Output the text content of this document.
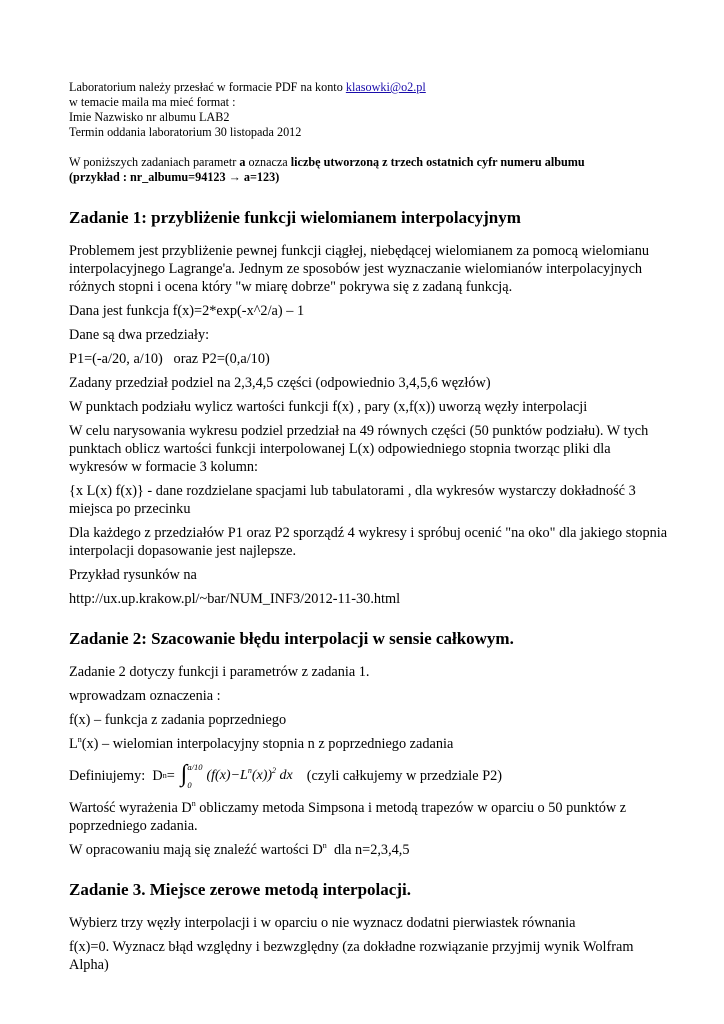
Laboratorium należy przesłać w formacie PDF na konto klasowki@o2.pl

w temacie maila ma mieć format :

Imie Nazwisko nr albumu LAB2

Termin oddania laboratorium 30 listopada 2012

W poniższych zadaniach parametr a oznacza liczbę utworzoną z trzech ostatnich cyfr numeru albumu

(przykład : nr_albumu=94123 → a=123)

Zadanie 1: przybliżenie funkcji wielomianem interpolacyjnym

Problemem jest przybliżenie pewnej funkcji ciągłej, niebędącej wielomianem za pomocą wielomianu interpolacyjnego Lagrange'a. Jednym ze sposobów jest wyznaczanie wielomianów interpolacyjnych różnych stopni i ocena który "w miarę dobrze" pokrywa się z zadaną funkcją.

Dana jest funkcja f(x)=2*exp(-x^2/a) – 1

Dane są dwa przedziały:

P1=(-a/20, a/10)   oraz P2=(0,a/10)

Zadany przedział podziel na 2,3,4,5 części (odpowiednio 3,4,5,6 węzłów)

W punktach podziału wylicz wartości funkcji f(x) , pary (x,f(x)) uworzą węzły interpolacji

W celu narysowania wykresu podziel przedział na 49 równych części (50 punktów podziału). W tych punktach oblicz wartości funkcji interpolowanej L(x) odpowiedniego stopnia tworząc pliki dla wykresów w formacie 3 kolumn:

{x L(x) f(x)} - dane rozdzielane spacjami lub tabulatorami , dla wykresów wystarczy dokładność 3 miejsca po przecinku

Dla każdego z przedziałów P1 oraz P2 sporządź 4 wykresy i spróbuj ocenić "na oko" dla jakiego stopnia interpolacji dopasowanie jest najlepsze.

Przykład rysunków na

http://ux.up.krakow.pl/~bar/NUM_INF3/2012-11-30.html

Zadanie 2: Szacowanie błędu interpolacji w sensie całkowym.

Zadanie 2 dotyczy funkcji i parametrów z zadania 1.

wprowadzam oznaczenia :

f(x) – funkcja z zadania poprzedniego

$L^n(x)$ – wielomian interpolacyjny stopnia n z poprzedniego zadania

Definiujemy:  D n = ∫ a/10
0
$(f(x)-L^n(x))^2$ dx (czyli całkujemy w przedziale P2)

Wartość wyrażenia $D^n$ obliczamy metoda Simpsona i metodą trapezów w oparciu o 50 punktów z poprzedniego zadania.

W opracowaniu mają się znaleźć wartości $D^n$  dla n=2,3,4,5

Zadanie 3. Miejsce zerowe metodą interpolacji.

Wybierz trzy węzły interpolacji i w oparciu o nie wyznacz dodatni pierwiastek równania

f(x)=0. Wyznacz błąd względny i bezwzględny (za dokładne rozwiązanie przyjmij wynik Wolfram Alpha)
